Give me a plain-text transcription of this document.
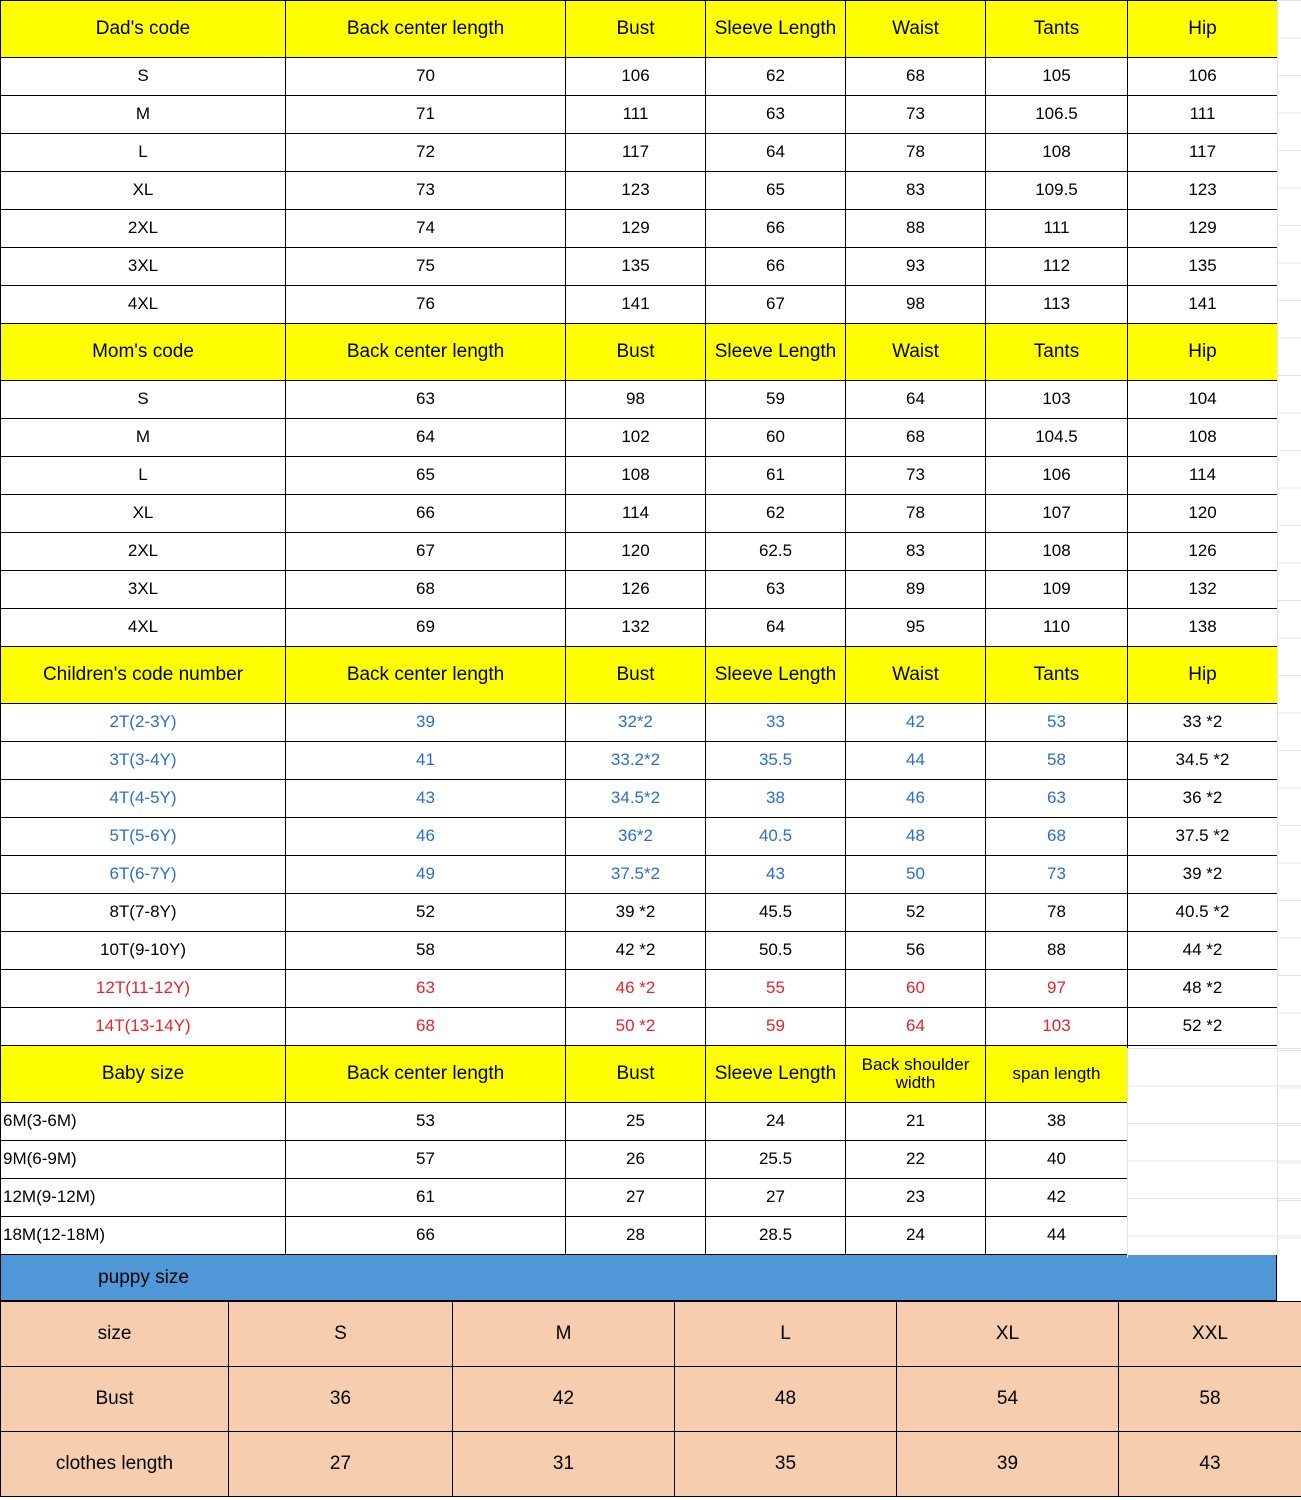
Dad's code	Back center length	Bust	Sleeve Length	Waist	Tants	Hip
S	70	106	62	68	105	106
M	71	111	63	73	106.5	111
L	72	117	64	78	108	117
XL	73	123	65	83	109.5	123
2XL	74	129	66	88	111	129
3XL	75	135	66	93	112	135
4XL	76	141	67	98	113	141
Mom's code	Back center length	Bust	Sleeve Length	Waist	Tants	Hip
S	63	98	59	64	103	104
M	64	102	60	68	104.5	108
L	65	108	61	73	106	114
XL	66	114	62	78	107	120
2XL	67	120	62.5	83	108	126
3XL	68	126	63	89	109	132
4XL	69	132	64	95	110	138
Children's code number	Back center length	Bust	Sleeve Length	Waist	Tants	Hip
2T(2-3Y)	39	32*2	33	42	53	33 *2
3T(3-4Y)	41	33.2*2	35.5	44	58	34.5 *2
4T(4-5Y)	43	34.5*2	38	46	63	36 *2
5T(5-6Y)	46	36*2	40.5	48	68	37.5 *2
6T(6-7Y)	49	37.5*2	43	50	73	39 *2
8T(7-8Y)	52	39 *2	45.5	52	78	40.5 *2
10T(9-10Y)	58	42 *2	50.5	56	88	44 *2
12T(11-12Y)	63	46 *2	55	60	97	48 *2
14T(13-14Y)	68	50 *2	59	64	103	52 *2
Baby size	Back center length	Bust	Sleeve Length	Back shoulder width	span length	
6M(3-6M)	53	25	24	21	38	
9M(6-9M)	57	26	25.5	22	40	
12M(9-12M)	61	27	27	23	42	
18M(12-18M)	66	28	28.5	24	44	
puppy size
size	S	M	L	XL	XXL
Bust	36	42	48	54	58
clothes length	27	31	35	39	43
